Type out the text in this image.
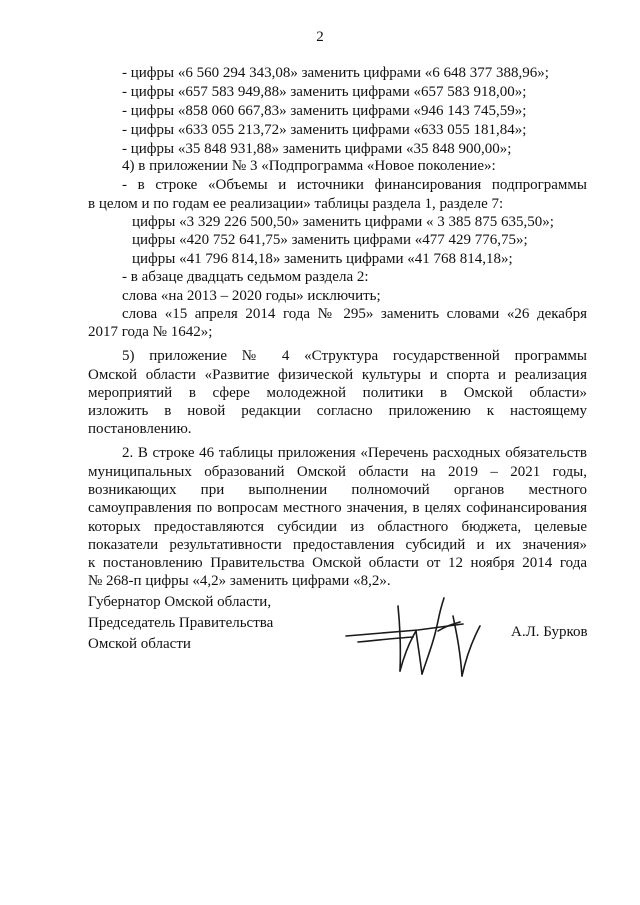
2
- цифры «6 560 294 343,08» заменить цифрами «6 648 377 388,96»;
- цифры «657 583 949,88» заменить цифрами «657 583 918,00»;
- цифры «858 060 667,83» заменить цифрами «946 143 745,59»;
- цифры «633 055 213,72» заменить цифрами «633 055 181,84»;
- цифры «35 848 931,88» заменить цифрами «35 848 900,00»;
4) в приложении № 3 «Подпрограмма «Новое поколение»:
- в строке «Объемы и источники финансирования подпрограммы
в целом и по годам ее реализации» таблицы раздела 1, разделе 7:
цифры «3 329 226 500,50» заменить цифрами « 3 385 875 635,50»;
цифры «420 752 641,75» заменить цифрами «477 429 776,75»;
цифры «41 796 814,18» заменить цифрами «41 768 814,18»;
- в абзаце двадцать седьмом раздела 2:
слова «на 2013 – 2020 годы» исключить;
слова «15 апреля 2014 года № 295» заменить словами «26 декабря
2017 года № 1642»;
5) приложение № 4 «Структура государственной программы
Омской области «Развитие физической культуры и спорта и реализация
мероприятий в сфере молодежной политики в Омской области»
изложить в новой редакции согласно приложению к настоящему
постановлению.
2. В строке 46 таблицы приложения «Перечень расходных обязательств
муниципальных образований Омской области на 2019 – 2021 годы,
возникающих при выполнении полномочий органов местного
самоуправления по вопросам местного значения, в целях софинансирования
которых предоставляются субсидии из областного бюджета, целевые
показатели результативности предоставления субсидий и их значения»
к постановлению Правительства Омской области от 12 ноября 2014 года
№ 268-п цифры «4,2» заменить цифрами «8,2».
Губернатор Омской области,
Председатель Правительства
Омской области
А.Л. Бурков
